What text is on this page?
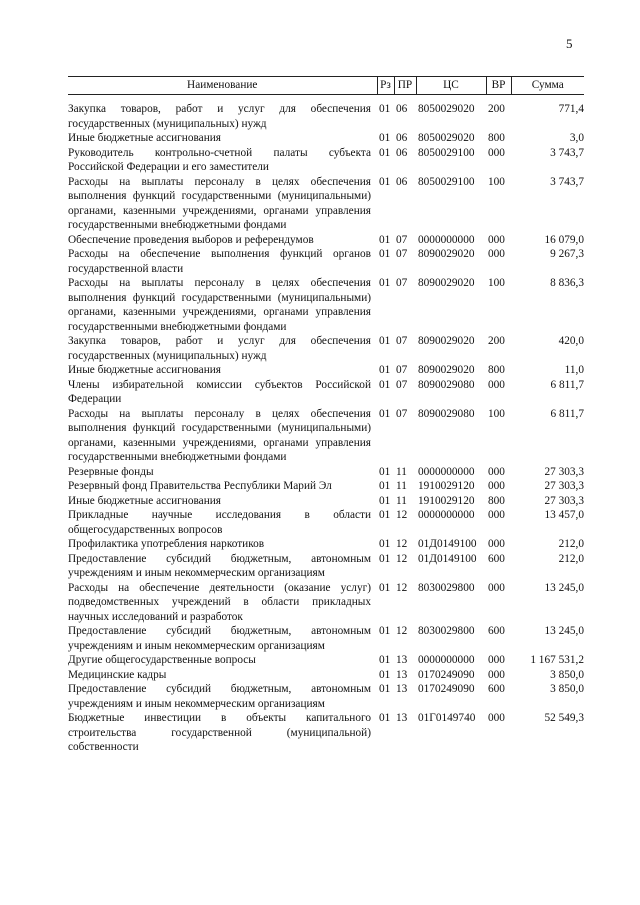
5
Наименование	Рз	ПР	ЦС	ВР	Сумма
Закупка товаров, работ и услуг для обеспечения государственных (муниципальных) нужд	01	06	8050029020	200	771,4
Иные бюджетные ассигнования	01	06	8050029020	800	3,0
Руководитель контрольно-счетной палаты субъекта Российской Федерации и его заместители	01	06	8050029100	000	3 743,7
Расходы на выплаты персоналу в целях обеспечения выполнения функций государственными (муниципальными) органами, казенными учреждениями, органами управления государственными внебюджетными фондами	01	06	8050029100	100	3 743,7
Обеспечение проведения выборов и референдумов	01	07	0000000000	000	16 079,0
Расходы на обеспечение выполнения функций органов государственной власти	01	07	8090029020	000	9 267,3
Расходы на выплаты персоналу в целях обеспечения выполнения функций государственными (муниципальными) органами, казенными учреждениями, органами управления государственными внебюджетными фондами	01	07	8090029020	100	8 836,3
Закупка товаров, работ и услуг для обеспечения государственных (муниципальных) нужд	01	07	8090029020	200	420,0
Иные бюджетные ассигнования	01	07	8090029020	800	11,0
Члены избирательной комиссии субъектов Российской Федерации	01	07	8090029080	000	6 811,7
Расходы на выплаты персоналу в целях обеспечения выполнения функций государственными (муниципальными) органами, казенными учреждениями, органами управления государственными внебюджетными фондами	01	07	8090029080	100	6 811,7
Резервные фонды	01	11	0000000000	000	27 303,3
Резервный фонд Правительства Республики Марий Эл	01	11	1910029120	000	27 303,3
Иные бюджетные ассигнования	01	11	1910029120	800	27 303,3
Прикладные научные исследования в области общегосударственных вопросов	01	12	0000000000	000	13 457,0
Профилактика употребления наркотиков	01	12	01Д0149100	000	212,0
Предоставление субсидий бюджетным, автономным учреждениям и иным некоммерческим организациям	01	12	01Д0149100	600	212,0
Расходы на обеспечение деятельности (оказание услуг) подведомственных учреждений в области прикладных научных исследований и разработок	01	12	8030029800	000	13 245,0
Предоставление субсидий бюджетным, автономным учреждениям и иным некоммерческим организациям	01	12	8030029800	600	13 245,0
Другие общегосударственные вопросы	01	13	0000000000	000	1 167 531,2
Медицинские кадры	01	13	0170249090	000	3 850,0
Предоставление субсидий бюджетным, автономным учреждениям и иным некоммерческим организациям	01	13	0170249090	600	3 850,0
Бюджетные инвестиции в объекты капитального строительства государственной (муниципальной) собственности	01	13	01Г0149740	000	52 549,3
